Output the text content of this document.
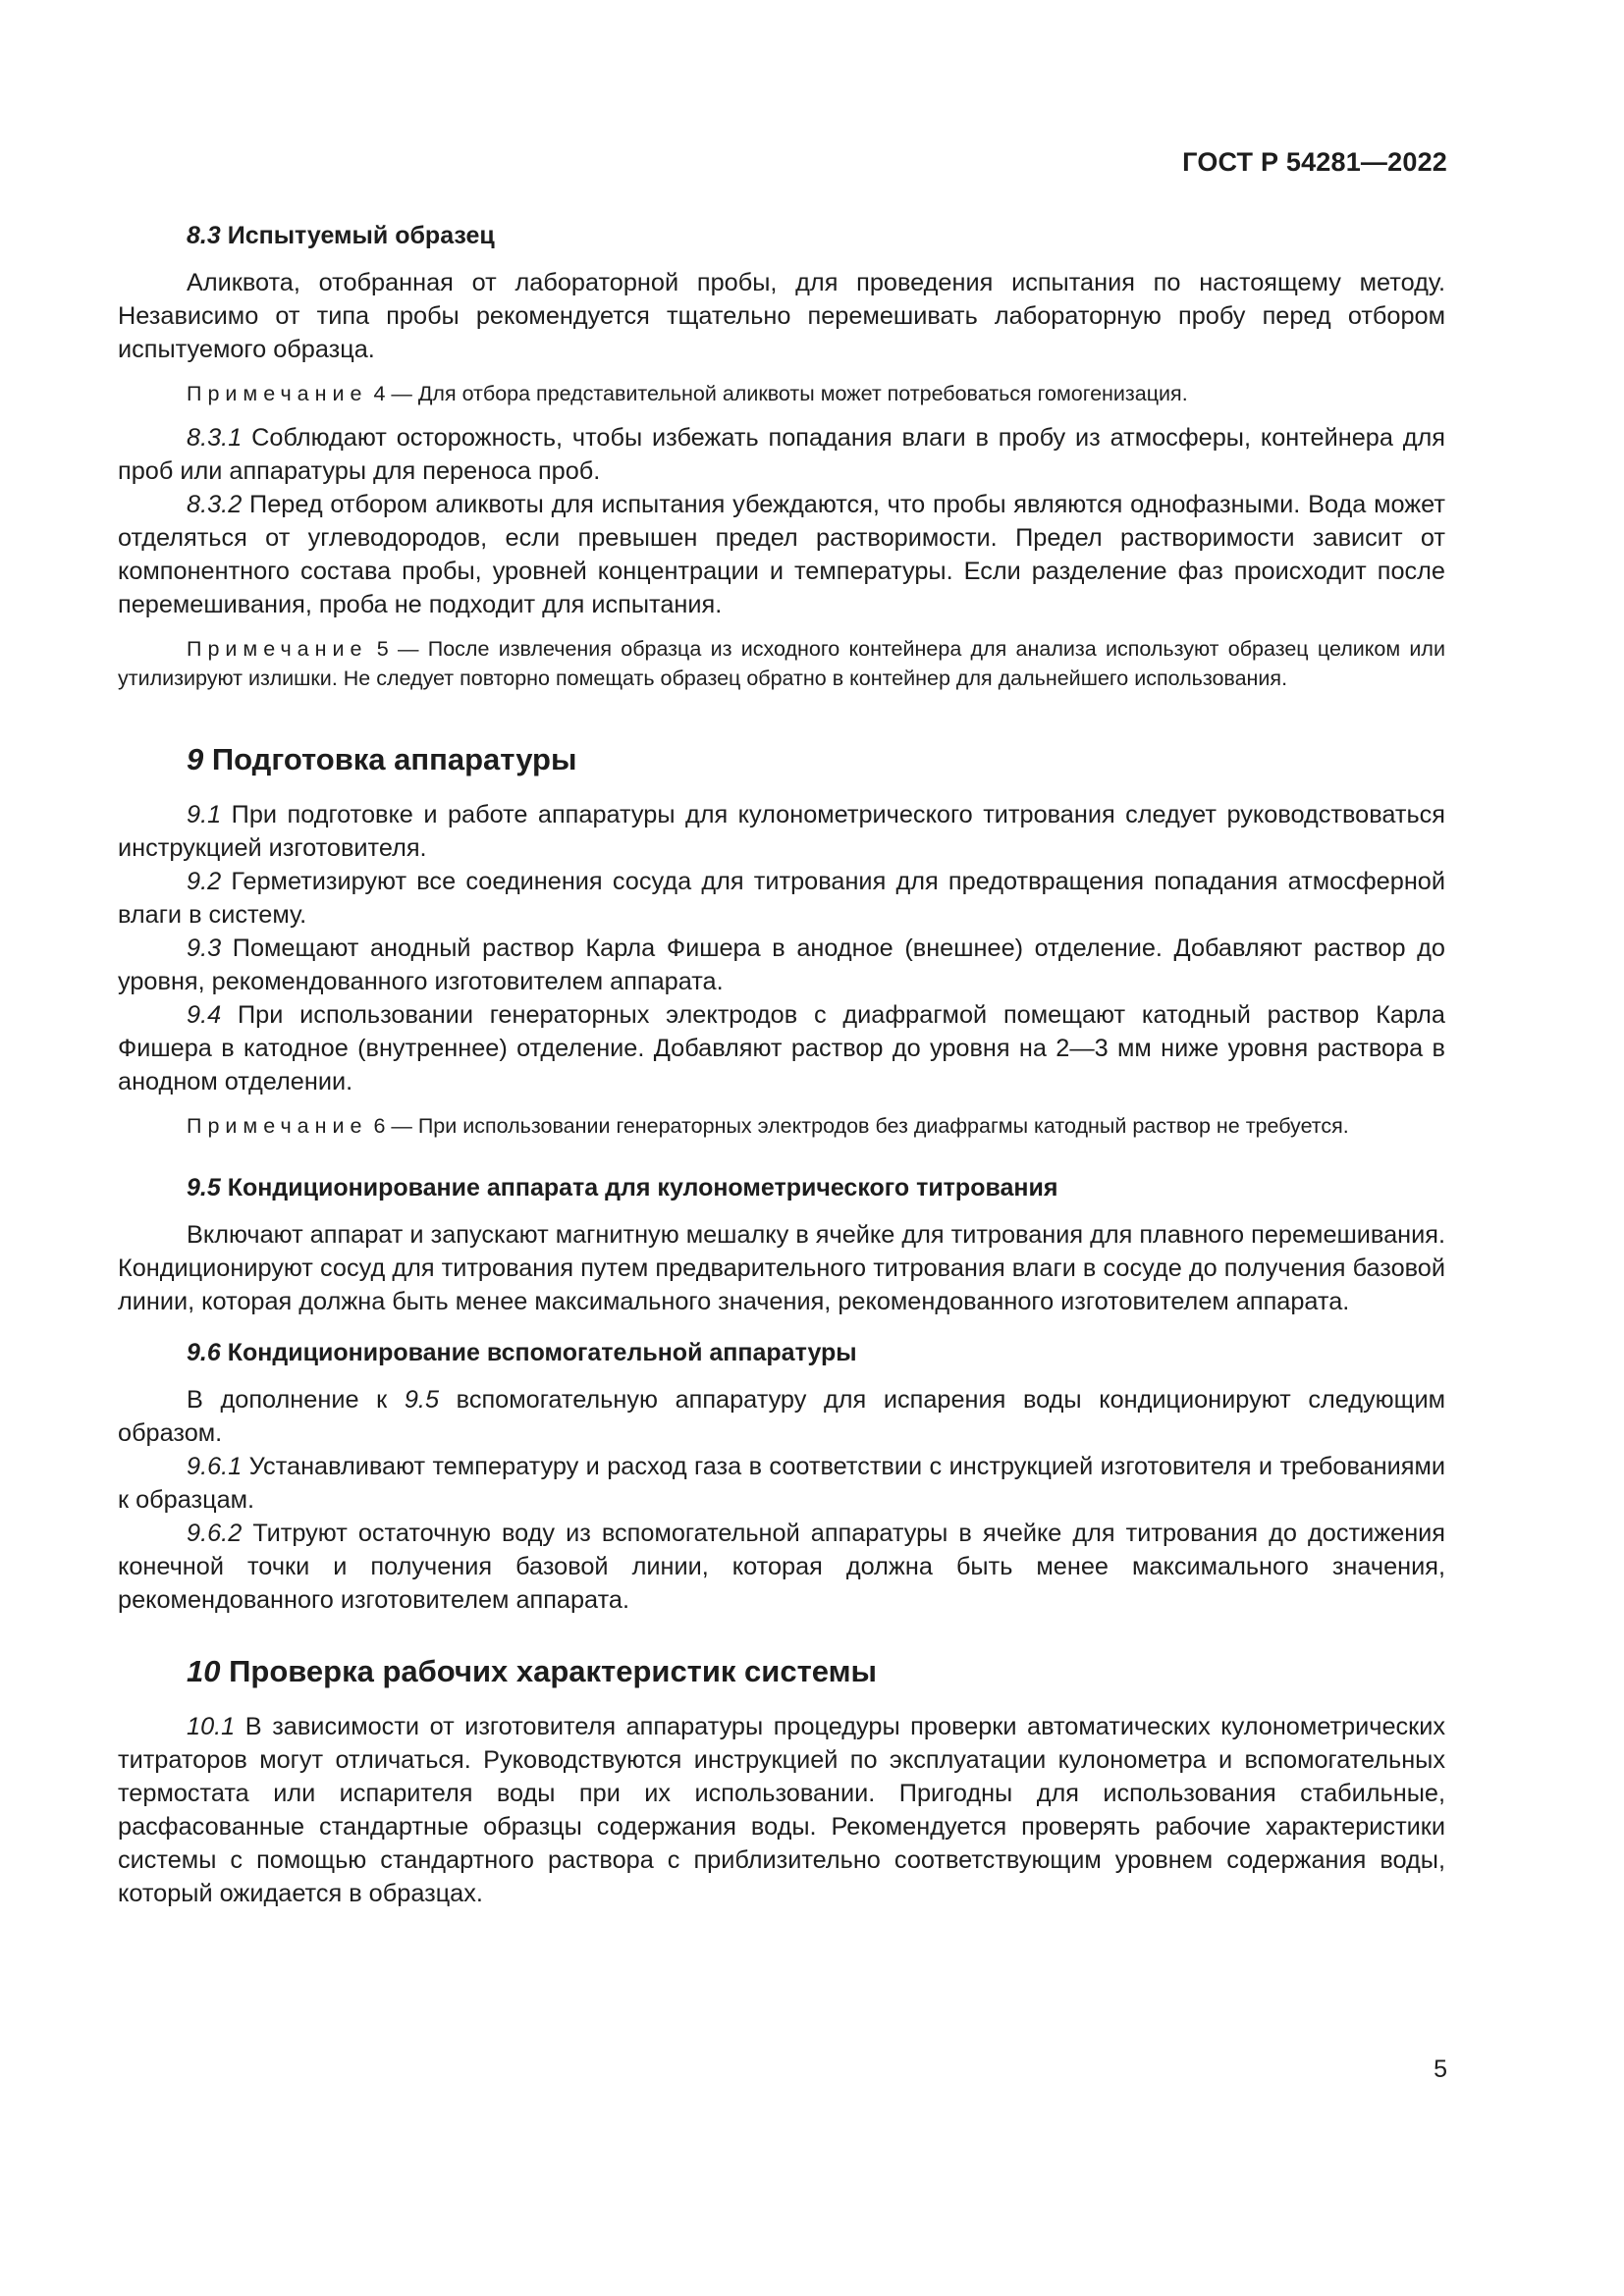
ГОСТ Р 54281—2022
8.3 Испытуемый образец

Аликвота, отобранная от лабораторной пробы, для проведения испытания по настоящему методу. Независимо от типа пробы рекомендуется тщательно перемешивать лабораторную пробу перед отбором испытуемого образца.

Примечание 4 — Для отбора представительной аликвоты может потребоваться гомогенизация.

8.3.1 Соблюдают осторожность, чтобы избежать попадания влаги в пробу из атмосферы, контейнера для проб или аппаратуры для переноса проб.

8.3.2 Перед отбором аликвоты для испытания убеждаются, что пробы являются однофазными. Вода может отделяться от углеводородов, если превышен предел растворимости. Предел растворимости зависит от компонентного состава пробы, уровней концентрации и температуры. Если разделение фаз происходит после перемешивания, проба не подходит для испытания.

Примечание 5 — После извлечения образца из исходного контейнера для анализа используют образец целиком или утилизируют излишки. Не следует повторно помещать образец обратно в контейнер для дальнейшего использования.

9 Подготовка аппаратуры

9.1 При подготовке и работе аппаратуры для кулонометрического титрования следует руководствоваться инструкцией изготовителя.

9.2 Герметизируют все соединения сосуда для титрования для предотвращения попадания атмосферной влаги в систему.

9.3 Помещают анодный раствор Карла Фишера в анодное (внешнее) отделение. Добавляют раствор до уровня, рекомендованного изготовителем аппарата.

9.4 При использовании генераторных электродов с диафрагмой помещают катодный раствор Карла Фишера в катодное (внутреннее) отделение. Добавляют раствор до уровня на 2—3 мм ниже уровня раствора в анодном отделении.

Примечание 6 — При использовании генераторных электродов без диафрагмы катодный раствор не требуется.

9.5 Кондиционирование аппарата для кулонометрического титрования

Включают аппарат и запускают магнитную мешалку в ячейке для титрования для плавного перемешивания. Кондиционируют сосуд для титрования путем предварительного титрования влаги в сосуде до получения базовой линии, которая должна быть менее максимального значения, рекомендованного изготовителем аппарата.

9.6 Кондиционирование вспомогательной аппаратуры

В дополнение к 9.5 вспомогательную аппаратуру для испарения воды кондиционируют следующим образом.

9.6.1 Устанавливают температуру и расход газа в соответствии с инструкцией изготовителя и требованиями к образцам.

9.6.2 Титруют остаточную воду из вспомогательной аппаратуры в ячейке для титрования до достижения конечной точки и получения базовой линии, которая должна быть менее максимального значения, рекомендованного изготовителем аппарата.

10 Проверка рабочих характеристик системы

10.1 В зависимости от изготовителя аппаратуры процедуры проверки автоматических кулонометрических титраторов могут отличаться. Руководствуются инструкцией по эксплуатации кулонометра и вспомогательных термостата или испарителя воды при их использовании. Пригодны для использования стабильные, расфасованные стандартные образцы содержания воды. Рекомендуется проверять рабочие характеристики системы с помощью стандартного раствора с приблизительно соответствующим уровнем содержания воды, который ожидается в образцах.

5
